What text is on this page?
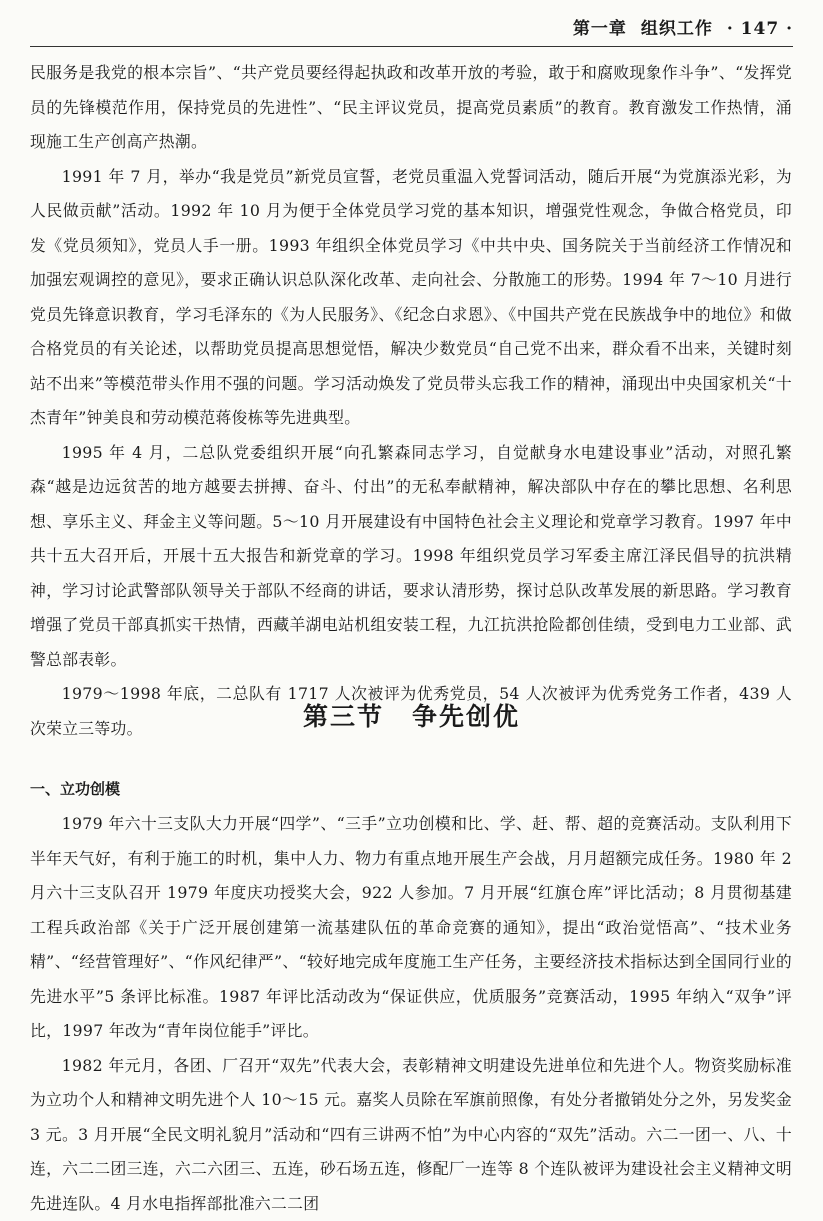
第一章 组织工作 · 147 ·

民服务是我党的根本宗旨”、“共产党员要经得起执政和改革开放的考验，敢于和腐败现象作斗争”、“发挥党员的先锋模范作用，保持党员的先进性”、“民主评议党员，提高党员素质”的教育。教育激发工作热情，涌现施工生产创高产热潮。

1991 年 7 月，举办“我是党员”新党员宣誓，老党员重温入党誓词活动，随后开展“为党旗添光彩，为人民做贡献”活动。1992 年 10 月为便于全体党员学习党的基本知识，增强党性观念，争做合格党员，印发《党员须知》，党员人手一册。1993 年组织全体党员学习《中共中央、国务院关于当前经济工作情况和加强宏观调控的意见》，要求正确认识总队深化改革、走向社会、分散施工的形势。1994 年 7～10 月进行党员先锋意识教育，学习毛泽东的《为人民服务》、《纪念白求恩》、《中国共产党在民族战争中的地位》和做合格党员的有关论述，以帮助党员提高思想觉悟，解决少数党员“自己党不出来，群众看不出来，关键时刻站不出来”等模范带头作用不强的问题。学习活动焕发了党员带头忘我工作的精神，涌现出中央国家机关“十杰青年”钟美良和劳动模范蒋俊栋等先进典型。

1995 年 4 月，二总队党委组织开展“向孔繁森同志学习，自觉献身水电建设事业”活动，对照孔繁森“越是边远贫苦的地方越要去拼搏、奋斗、付出”的无私奉献精神，解决部队中存在的攀比思想、名利思想、享乐主义、拜金主义等问题。5～10 月开展建设有中国特色社会主义理论和党章学习教育。1997 年中共十五大召开后，开展十五大报告和新党章的学习。1998 年组织党员学习军委主席江泽民倡导的抗洪精神，学习讨论武警部队领导关于部队不经商的讲话，要求认清形势，探讨总队改革发展的新思路。学习教育增强了党员干部真抓实干热情，西藏羊湖电站机组安装工程，九江抗洪抢险都创佳绩，受到电力工业部、武警总部表彰。

1979～1998 年底，二总队有 1717 人次被评为优秀党员，54 人次被评为优秀党务工作者，439 人次荣立三等功。	第三节 争先创优
一、立功创模

1979 年六十三支队大力开展“四学”、“三手”立功创模和比、学、赶、帮、超的竞赛活动。支队利用下半年天气好，有利于施工的时机，集中人力、物力有重点地开展生产会战，月月超额完成任务。1980 年 2 月六十三支队召开 1979 年度庆功授奖大会，922 人参加。7 月开展“红旗仓库”评比活动；8 月贯彻基建工程兵政治部《关于广泛开展创建第一流基建队伍的革命竞赛的通知》，提出“政治觉悟高”、“技术业务精”、“经营管理好”、“作风纪律严”、“较好地完成年度施工生产任务，主要经济技术指标达到全国同行业的先进水平”5 条评比标准。1987 年评比活动改为“保证供应，优质服务”竞赛活动，1995 年纳入“双争”评比，1997 年改为“青年岗位能手”评比。

1982 年元月，各团、厂召开“双先”代表大会，表彰精神文明建设先进单位和先进个人。物资奖励标准为立功个人和精神文明先进个人 10～15 元。嘉奖人员除在军旗前照像，有处分者撤销处分之外，另发奖金 3 元。3 月开展“全民文明礼貌月”活动和“四有三讲两不怕”为中心内容的“双先”活动。六二一团一、八、十连，六二二团三连，六二六团三、五连，砂石场五连，修配厂一连等 8 个连队被评为建设社会主义精神文明先进连队。4 月水电指挥部批准六二二团
